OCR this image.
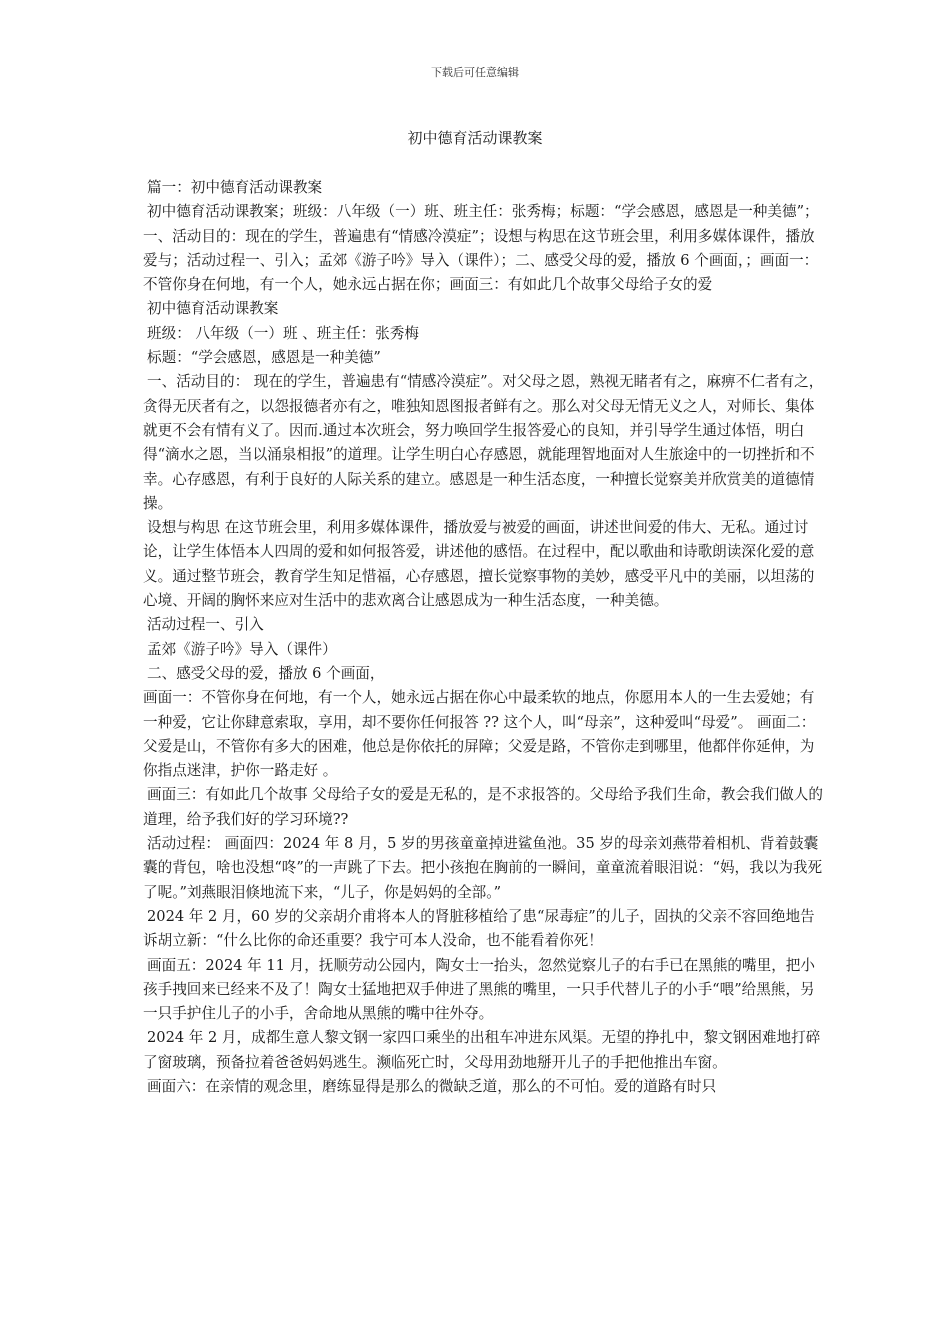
下载后可任意编辑
初中德育活动课教案

篇一：初中德育活动课教案

初中德育活动课教案；班级：八年级（一）班、班主任：张秀梅；标题：“学会感恩，感恩是一种美德”；一、活动目的：现在的学生，普遍患有“情感冷漠症”；设想与构思在这节班会里，利用多媒体课件，播放爱与；活动过程一、引入；孟郊《游子吟》导入（课件）；二、感受父母的爱，播放 6 个画面，；画面一：不管你身在何地，有一个人，她永远占据在你；画面三：有如此几个故事父母给子女的爱

初中德育活动课教案

班级： 八年级（一）班 、班主任：张秀梅

标题：“学会感恩，感恩是一种美德”

一、活动目的： 现在的学生，普遍患有“情感冷漠症”。对父母之恩，熟视无睹者有之，麻痹不仁者有之，贪得无厌者有之，以怨报德者亦有之，唯独知恩图报者鲜有之。那么对父母无情无义之人，对师长、集体就更不会有情有义了。因而.通过本次班会，努力唤回学生报答爱心的良知，并引导学生通过体悟，明白得“滴水之恩，当以涌泉相报”的道理。让学生明白心存感恩，就能理智地面对人生旅途中的一切挫折和不幸。心存感恩，有利于良好的人际关系的建立。感恩是一种生活态度，一种擅长觉察美并欣赏美的道德情操。

设想与构思 在这节班会里，利用多媒体课件，播放爱与被爱的画面，讲述世间爱的伟大、无私。通过讨论，让学生体悟本人四周的爱和如何报答爱，讲述他的感悟。在过程中，配以歌曲和诗歌朗读深化爱的意义。通过整节班会，教育学生知足惜福，心存感恩，擅长觉察事物的美妙，感受平凡中的美丽，以坦荡的心境、开阔的胸怀来应对生活中的悲欢离合让感恩成为一种生活态度，一种美德。

活动过程一、引入

孟郊《游子吟》导入（课件）

二、感受父母的爱，播放 6 个画面，

画面一：不管你身在何地，有一个人，她永远占据在你心中最柔软的地点，你愿用本人的一生去爱她；有一种爱，它让你肆意索取，享用，却不要你任何报答 ?? 这个人，叫“母亲”，这种爱叫“母爱”。 画面二：父爱是山，不管你有多大的困难，他总是你依托的屏障；父爱是路，不管你走到哪里，他都伴你延伸，为你指点迷津，护你一路走好 。

画面三：有如此几个故事 父母给子女的爱是无私的，是不求报答的。父母给予我们生命，教会我们做人的道理，给予我们好的学习环境??

活动过程： 画面四：2024 年 8 月，5 岁的男孩童童掉进鲨鱼池。35 岁的母亲刘燕带着相机、背着鼓囊囊的背包，啥也没想“咚”的一声跳了下去。把小孩抱在胸前的一瞬间，童童流着眼泪说：“妈，我以为我死了呢。”刘燕眼泪倏地流下来，“儿子，你是妈妈的全部。”

2024 年 2 月，60 岁的父亲胡介甫将本人的肾脏移植给了患“尿毒症”的儿子，固执的父亲不容回绝地告诉胡立新：“什么比你的命还重要？我宁可本人没命，也不能看着你死！

画面五：2024 年 11 月，抚顺劳动公园内，陶女士一抬头，忽然觉察儿子的右手已在黑熊的嘴里，把小孩手拽回来已经来不及了！陶女士猛地把双手伸进了黑熊的嘴里，一只手代替儿子的小手“喂”给黑熊，另一只手护住儿子的小手，舍命地从黑熊的嘴中往外夺。

2024 年 2 月，成都生意人黎文钢一家四口乘坐的出租车冲进东风渠。无望的挣扎中，黎文钢困难地打碎了窗玻璃，预备拉着爸爸妈妈逃生。濒临死亡时，父母用劲地掰开儿子的手把他推出车窗。

画面六：在亲情的观念里，磨练显得是那么的微缺乏道，那么的不可怕。爱的道路有时只
